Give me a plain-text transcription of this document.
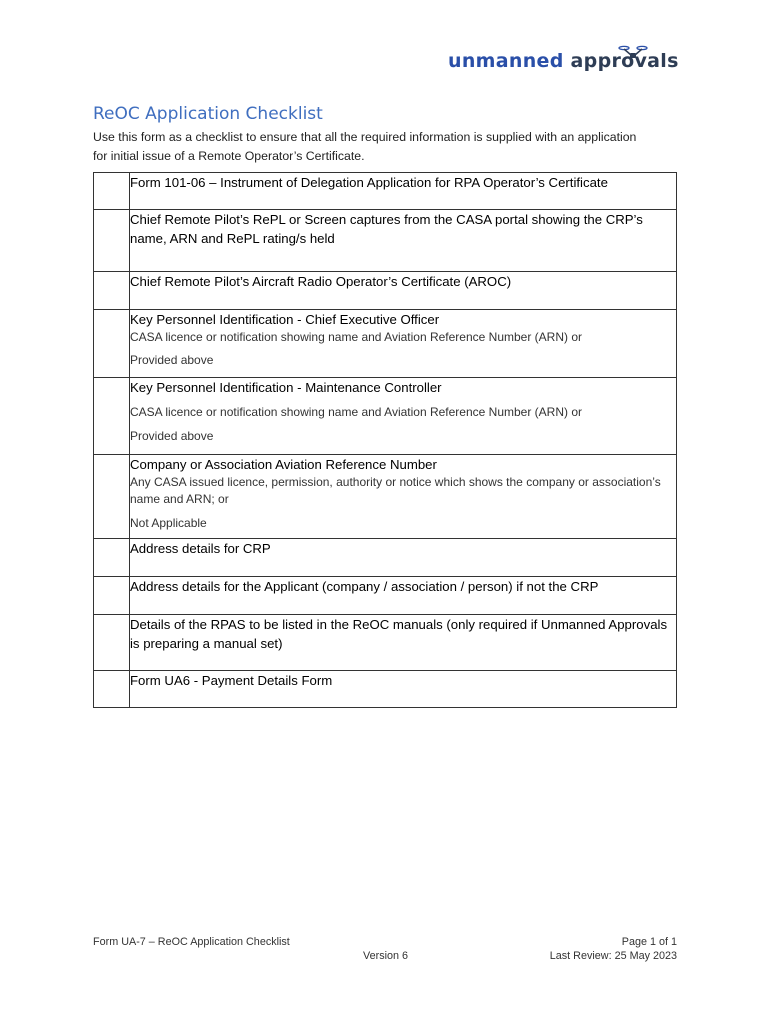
unmanned approvals
ReOC Application Checklist
Use this form as a checklist to ensure that all the required information is supplied with an application for initial issue of a Remote Operator’s Certificate.

	Form 101-06 – Instrument of Delegation Application for RPA Operator’s Certificate

	Chief Remote Pilot’s RePL or Screen captures from the CASA portal showing the CRP’s name, ARN and RePL rating/s held

	Chief Remote Pilot’s Aircraft Radio Operator’s Certificate (AROC)

	Key Personnel Identification - Chief Executive Officer
CASA licence or notification showing name and Aviation Reference Number (ARN) or
Provided above

	Key Personnel Identification - Maintenance Controller
CASA licence or notification showing name and Aviation Reference Number (ARN) or
Provided above

	Company or Association Aviation Reference Number
Any CASA issued licence, permission, authority or notice which shows the company or association’s name and ARN; or
Not Applicable

	Address details for CRP

	Address details for the Applicant (company / association / person) if not the CRP

	Details of the RPAS to be listed in the ReOC manuals (only required if Unmanned Approvals is preparing a manual set)

	Form UA6 - Payment Details Form
Form UA-7 – ReOC Application Checklist
Version 6
Page 1 of 1
Last Review: 25 May 2023
